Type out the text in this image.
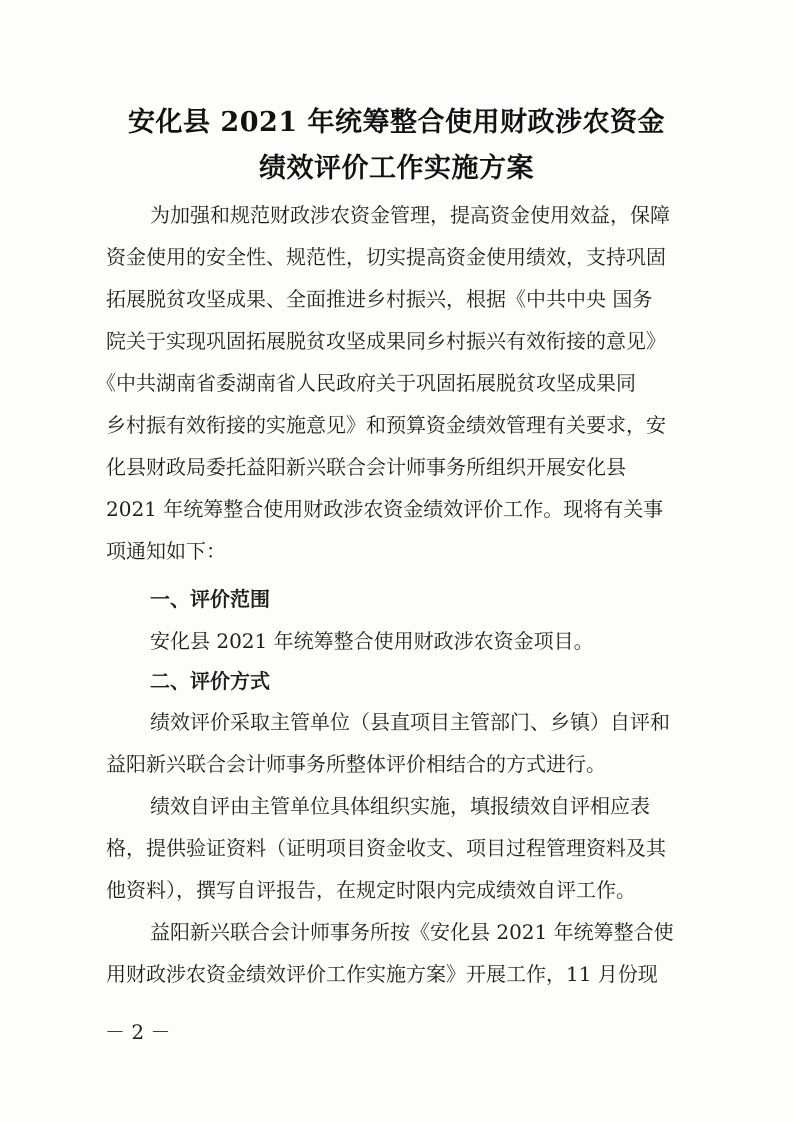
安化县 2021 年统筹整合使用财政涉农资金
绩效评价工作实施方案
为加强和规范财政涉农资金管理，提高资金使用效益，保障
资金使用的安全性、规范性，切实提高资金使用绩效，支持巩固
拓展脱贫攻坚成果、全面推进乡村振兴，根据《中共中央 国务
院关于实现巩固拓展脱贫攻坚成果同乡村振兴有效衔接的意见》
《中共湖南省委湖南省人民政府关于巩固拓展脱贫攻坚成果同
乡村振有效衔接的实施意见》和预算资金绩效管理有关要求，安
化县财政局委托益阳新兴联合会计师事务所组织开展安化县
2021 年统筹整合使用财政涉农资金绩效评价工作。现将有关事
项通知如下：
一、评价范围
安化县 2021 年统筹整合使用财政涉农资金项目。
二、评价方式
绩效评价采取主管单位（县直项目主管部门、乡镇）自评和
益阳新兴联合会计师事务所整体评价相结合的方式进行。
绩效自评由主管单位具体组织实施，填报绩效自评相应表
格，提供验证资料（证明项目资金收支、项目过程管理资料及其
他资料），撰写自评报告，在规定时限内完成绩效自评工作。
益阳新兴联合会计师事务所按《安化县 2021 年统筹整合使
用财政涉农资金绩效评价工作实施方案》开展工作，11 月份现
－ 2 －
